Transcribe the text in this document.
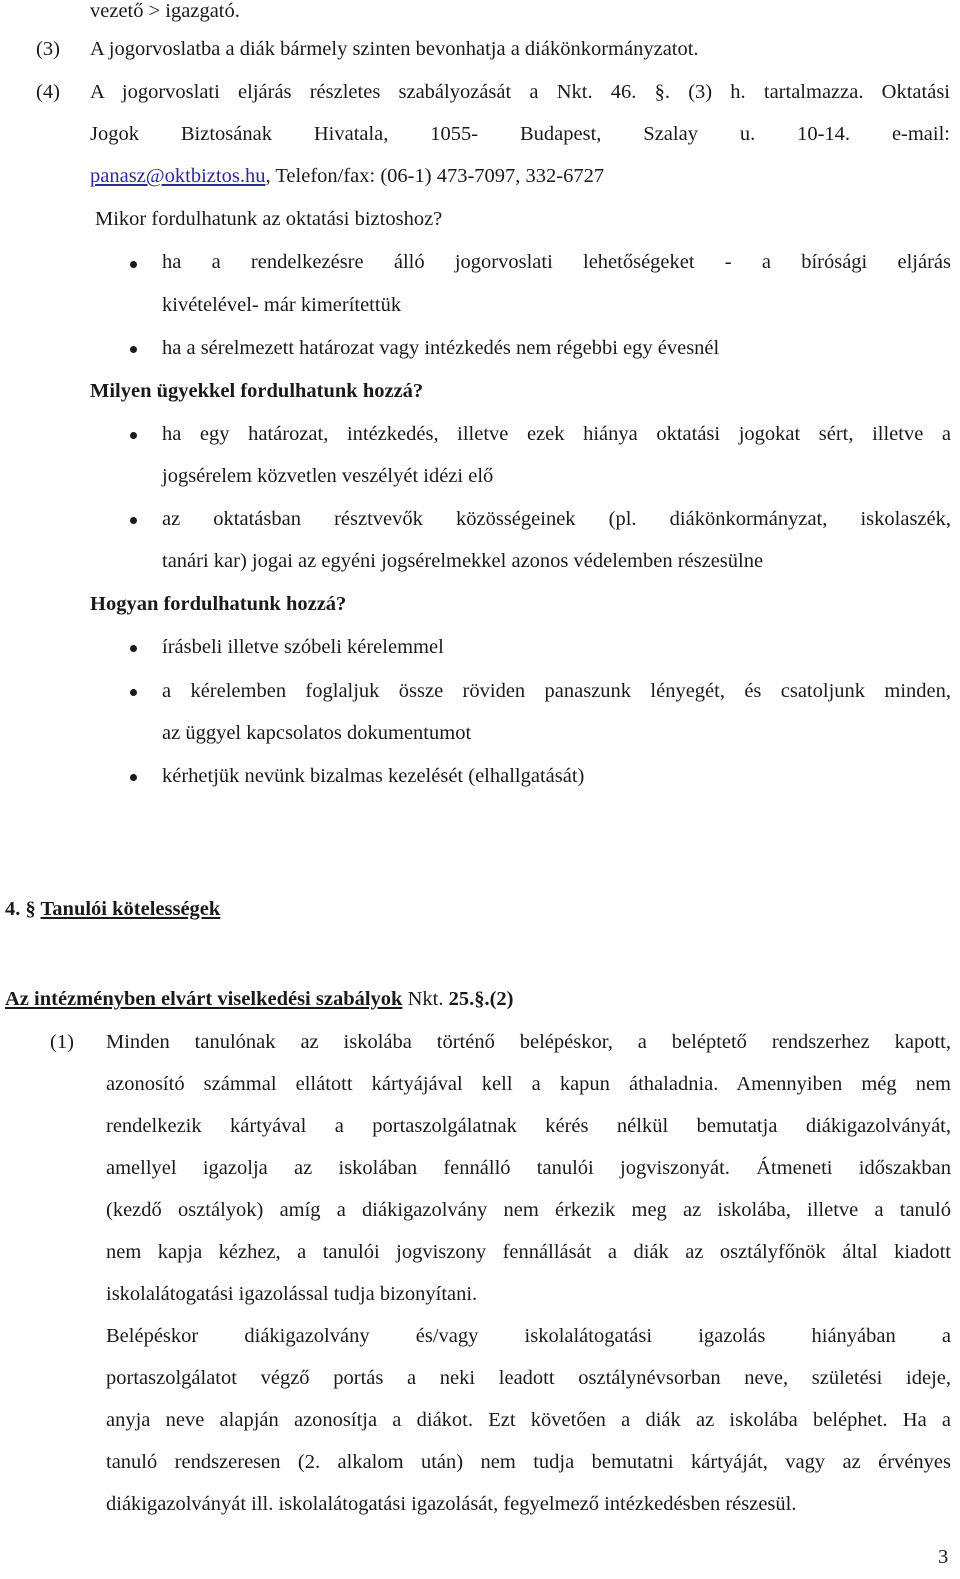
vezető > igazgató.

(3) A jogorvoslatba a diák bármely szinten bevonhatja a diákönkormányzatot.

(4) A jogorvoslati eljárás részletes szabályozását a Nkt. 46. §. (3) h. tartalmazza. Oktatási

Jogok Biztosának Hivatala, 1055- Budapest, Szalay u. 10-14. e-mail:

panasz@oktbiztos.hu, Telefon/fax: (06-1) 473-7097, 332-6727

Mikor fordulhatunk az oktatási biztoshoz?

ha a rendelkezésre álló jogorvoslati lehetőségeket - a bírósági eljárás

kivételével- már kimerítettük

ha a sérelmezett határozat vagy intézkedés nem régebbi egy évesnél

Milyen ügyekkel fordulhatunk hozzá?

ha egy határozat, intézkedés, illetve ezek hiánya oktatási jogokat sért, illetve a

jogsérelem közvetlen veszélyét idézi elő

az oktatásban résztvevők közösségeinek (pl. diákönkormányzat, iskolaszék,

tanári kar) jogai az egyéni jogsérelmekkel azonos védelemben részesülne

Hogyan fordulhatunk hozzá?

írásbeli illetve szóbeli kérelemmel

a kérelemben foglaljuk össze röviden panaszunk lényegét, és csatoljunk minden,

az üggyel kapcsolatos dokumentumot

kérhetjük nevünk bizalmas kezelését (elhallgatását)

4. § Tanulói kötelességek

Az intézményben elvárt viselkedési szabályok Nkt. 25.§.(2)

(1) Minden tanulónak az iskolába történő belépéskor, a beléptető rendszerhez kapott,

azonosító számmal ellátott kártyájával kell a kapun áthaladnia. Amennyiben még nem

rendelkezik kártyával a portaszolgálatnak kérés nélkül bemutatja diákigazolványát,

amellyel igazolja az iskolában fennálló tanulói jogviszonyát. Átmeneti időszakban

(kezdő osztályok) amíg a diákigazolvány nem érkezik meg az iskolába, illetve a tanuló

nem kapja kézhez, a tanulói jogviszony fennállását a diák az osztályfőnök által kiadott

iskolalátogatási igazolással tudja bizonyítani.

Belépéskor diákigazolvány és/vagy iskolalátogatási igazolás hiányában a

portaszolgálatot végző portás a neki leadott osztálynévsorban neve, születési ideje,

anyja neve alapján azonosítja a diákot. Ezt követően a diák az iskolába beléphet. Ha a

tanuló rendszeresen (2. alkalom után) nem tudja bemutatni kártyáját, vagy az érvényes

diákigazolványát ill. iskolalátogatási igazolását, fegyelmező intézkedésben részesül.

3
